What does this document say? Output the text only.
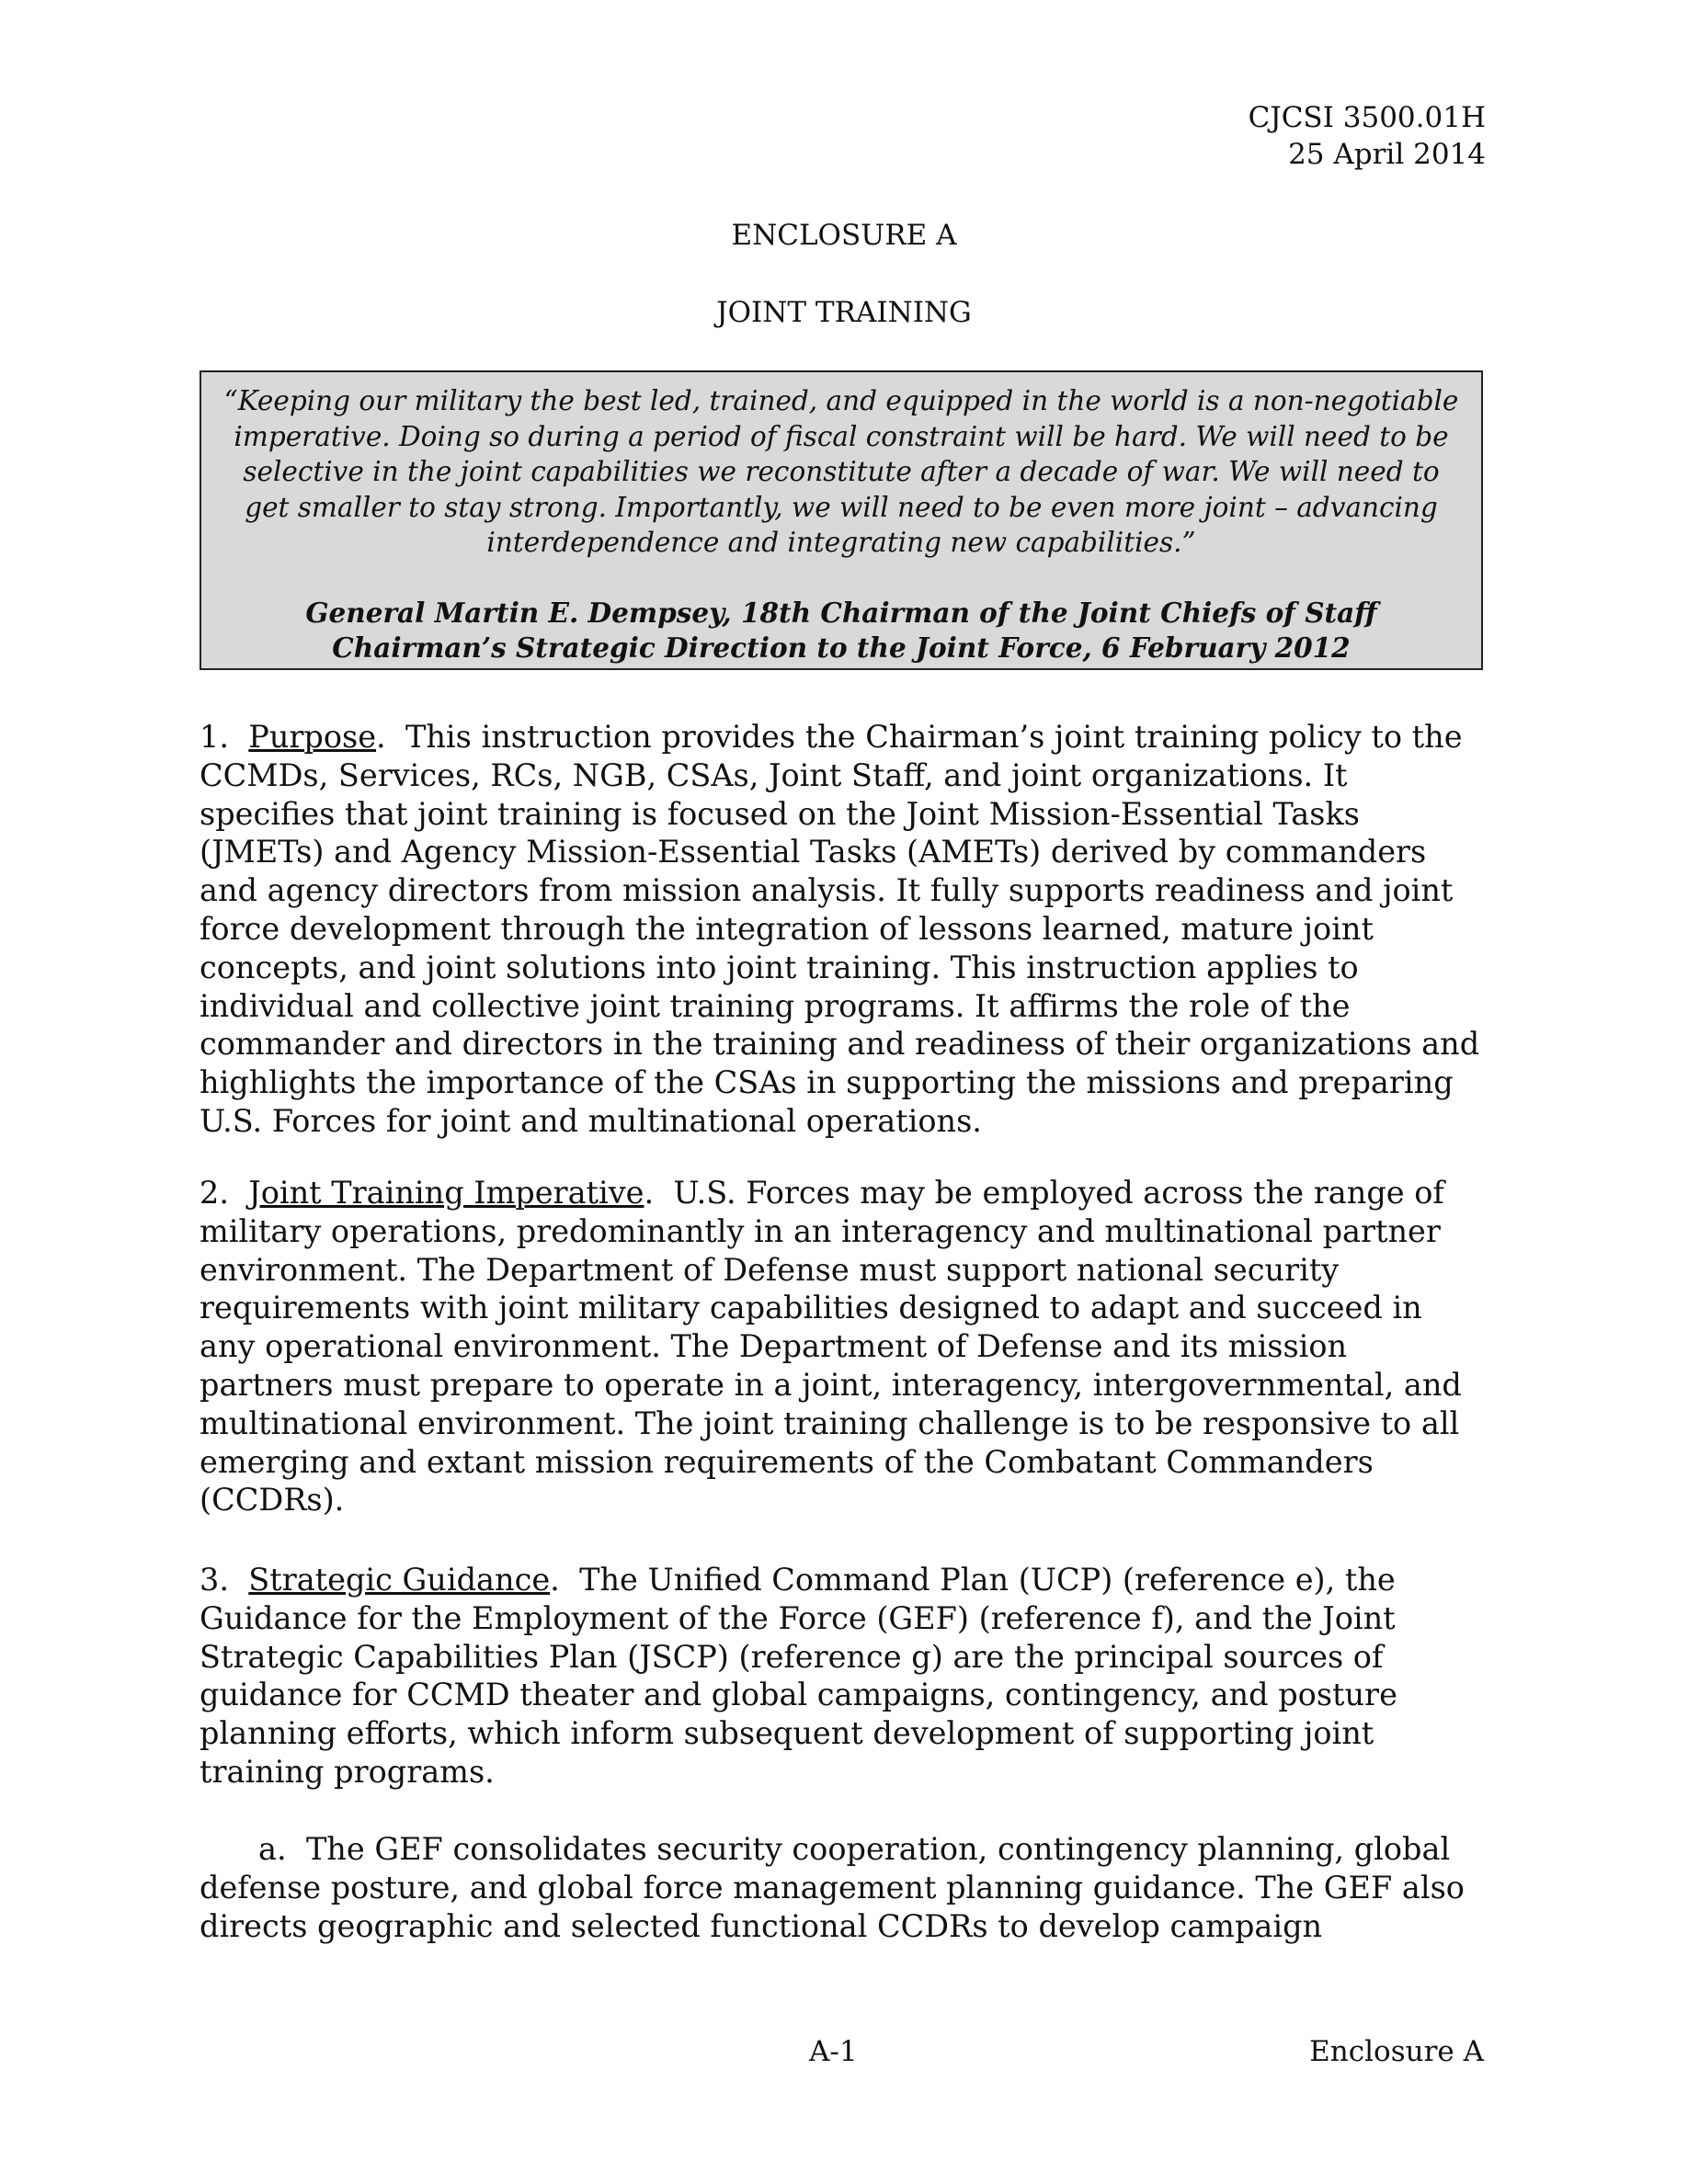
CJCSI 3500.01H
25 April 2014
ENCLOSURE A
JOINT TRAINING

“Keeping our military the best led, trained, and equipped in the world is a non-negotiable imperative. Doing so during a period of fiscal constraint will be hard. We will need to be selective in the joint capabilities we reconstitute after a decade of war. We will need to get smaller to stay strong. Importantly, we will need to be even more joint – advancing interdependence and integrating new capabilities.”

General Martin E. Dempsey, 18th Chairman of the Joint Chiefs of Staff
Chairman’s Strategic Direction to the Joint Force, 6 February 2012

1. Purpose.  This instruction provides the Chairman’s joint training policy to the CCMDs, Services, RCs, NGB, CSAs, Joint Staff, and joint organizations. It specifies that joint training is focused on the Joint Mission-Essential Tasks (JMETs) and Agency Mission-Essential Tasks (AMETs) derived by commanders and agency directors from mission analysis. It fully supports readiness and joint force development through the integration of lessons learned, mature joint concepts, and joint solutions into joint training. This instruction applies to individual and collective joint training programs. It affirms the role of the commander and directors in the training and readiness of their organizations and highlights the importance of the CSAs in supporting the missions and preparing U.S. Forces for joint and multinational operations.

2. Joint Training Imperative.  U.S. Forces may be employed across the range of military operations, predominantly in an interagency and multinational partner environment. The Department of Defense must support national security requirements with joint military capabilities designed to adapt and succeed in any operational environment. The Department of Defense and its mission partners must prepare to operate in a joint, interagency, intergovernmental, and multinational environment. The joint training challenge is to be responsive to all emerging and extant mission requirements of the Combatant Commanders (CCDRs).

3. Strategic Guidance.  The Unified Command Plan (UCP) (reference e), the Guidance for the Employment of the Force (GEF) (reference f), and the Joint Strategic Capabilities Plan (JSCP) (reference g) are the principal sources of guidance for CCMD theater and global campaigns, contingency, and posture planning efforts, which inform subsequent development of supporting joint training programs.

a. The GEF consolidates security cooperation, contingency planning, global defense posture, and global force management planning guidance. The GEF also directs geographic and selected functional CCDRs to develop campaign

A-1	Enclosure A
